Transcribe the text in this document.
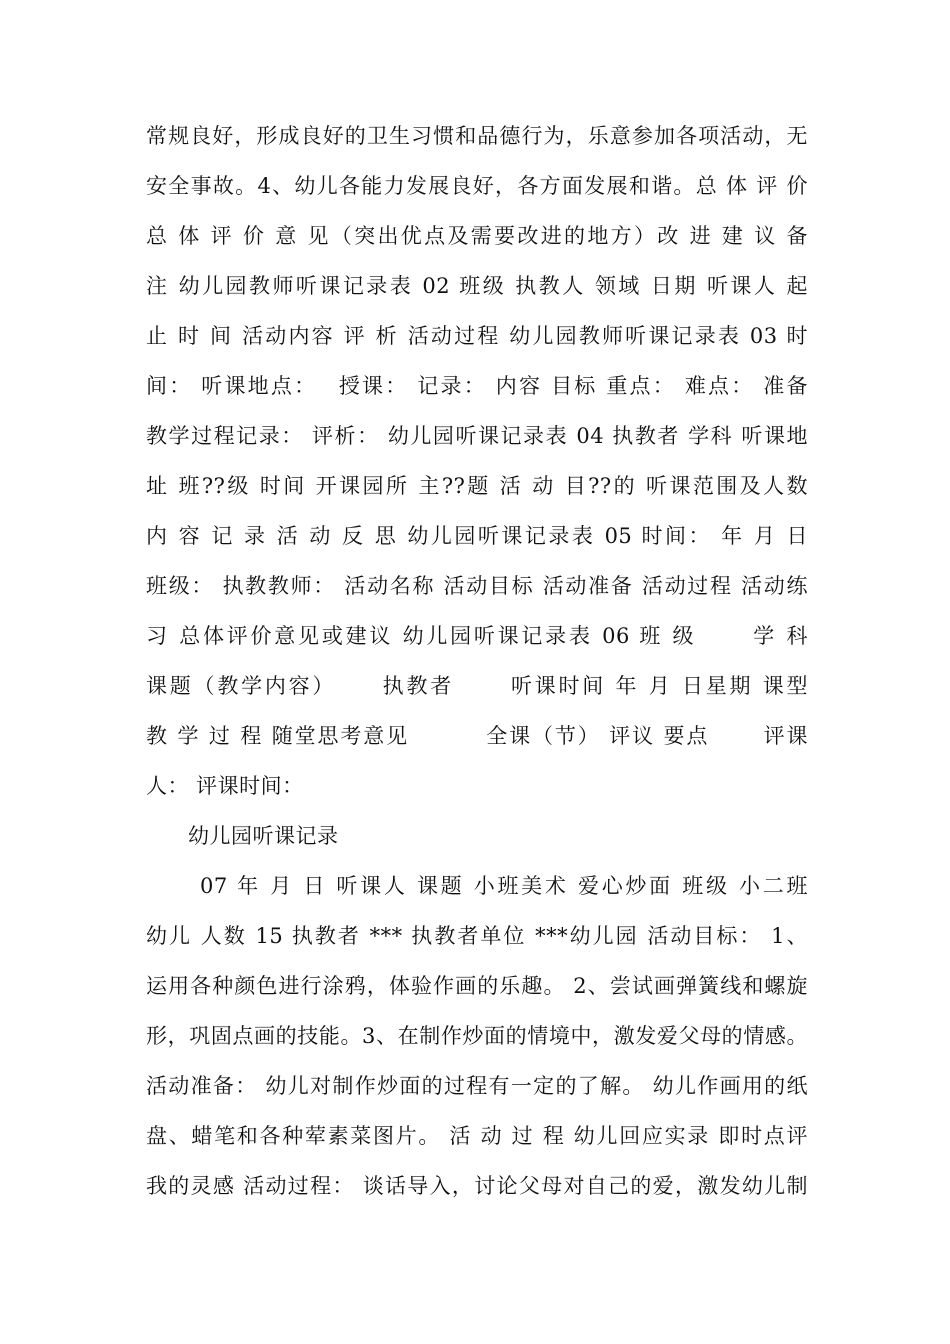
常规良好，形成良好的卫生习惯和品德行为，乐意参加各项活动，无
安全事故。4、幼儿各能力发展良好，各方面发展和谐。总 体 评 价
总 体 评 价 意 见（突出优点及需要改进的地方）改 进 建 议 备
注 幼儿园教师听课记录表 02 班级 执教人 领域 日期 听课人 起
止 时 间 活动内容 评 析 活动过程 幼儿园教师听课记录表 03 时
间： 听课地点：　 授课： 记录： 内容 目标 重点： 难点： 准备
教学过程记录： 评析： 幼儿园听课记录表 04 执教者 学科 听课地
址 班??级 时间 开课园所 主??题 活 动 目??的 听课范围及人数
内 容 记 录 活 动 反 思 幼儿园听课记录表 05 时间： 年 月 日
班级： 执教教师： 活动名称 活动目标 活动准备 活动过程 活动练
习 总体评价意见或建议 幼儿园听课记录表 06 班 级　　 学 科
课题（教学内容）　　 执教者　　 听课时间 年 月 日星期 课型
教 学 过 程 随堂思考意见　　　 全课（节） 评议 要点　　 评课
人： 评课时间：
幼儿园听课记录
07 年 月 日 听课人 课题 小班美术 爱心炒面 班级 小二班
幼儿 人数 15 执教者 *** 执教者单位 ***幼儿园 活动目标： 1、
运用各种颜色进行涂鸦，体验作画的乐趣。 2、尝试画弹簧线和螺旋
形，巩固点画的技能。3、在制作炒面的情境中，激发爱父母的情感。
活动准备： 幼儿对制作炒面的过程有一定的了解。 幼儿作画用的纸
盘、蜡笔和各种荤素菜图片。 活 动 过 程 幼儿回应实录 即时点评
我的灵感 活动过程： 谈话导入，讨论父母对自己的爱，激发幼儿制
